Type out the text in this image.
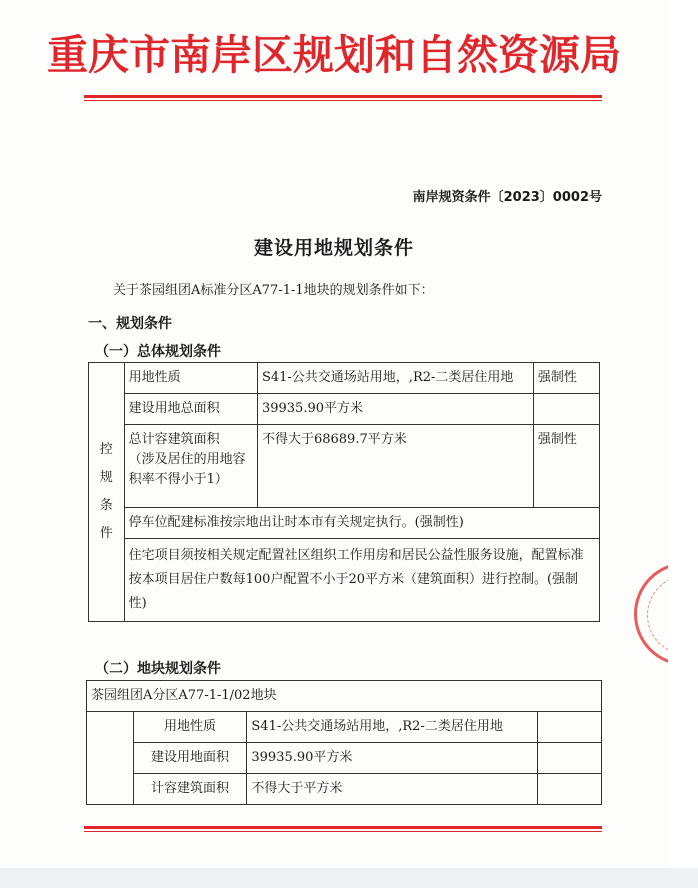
重庆市南岸区规划和自然资源局
南岸规资条件〔2023〕0002号
建设用地规划条件
关于茶园组团A标准分区A77-1-1地块的规划条件如下：
一、规划条件
（一）总体规划条件
控
规
条
件	用地性质	S41-公共交通场站用地，,R2-二类居住用地	强制性
	建设用地总面积	39935.90平方米	

	总计容建筑面积
（涉及居住的用地容积率不得小于1）	不得大于68689.7平方米	强制性
	停车位配建标准按宗地出让时本市有关规定执行。(强制性)		
	住宅项目须按相关规定配置社区组织工作用房和居民公益性服务设施，配置标准按本项目居住户数每100户配置不小于20平方米（建筑面积）进行控制。(强制性)		
（二）地块规划条件
茶园组团A分区A77-1-1/02地块			
	用地性质	S41-公共交通场站用地，,R2-二类居住用地	
	建设用地面积	39935.90平方米	
	计容建筑面积	不得大于平方米	
